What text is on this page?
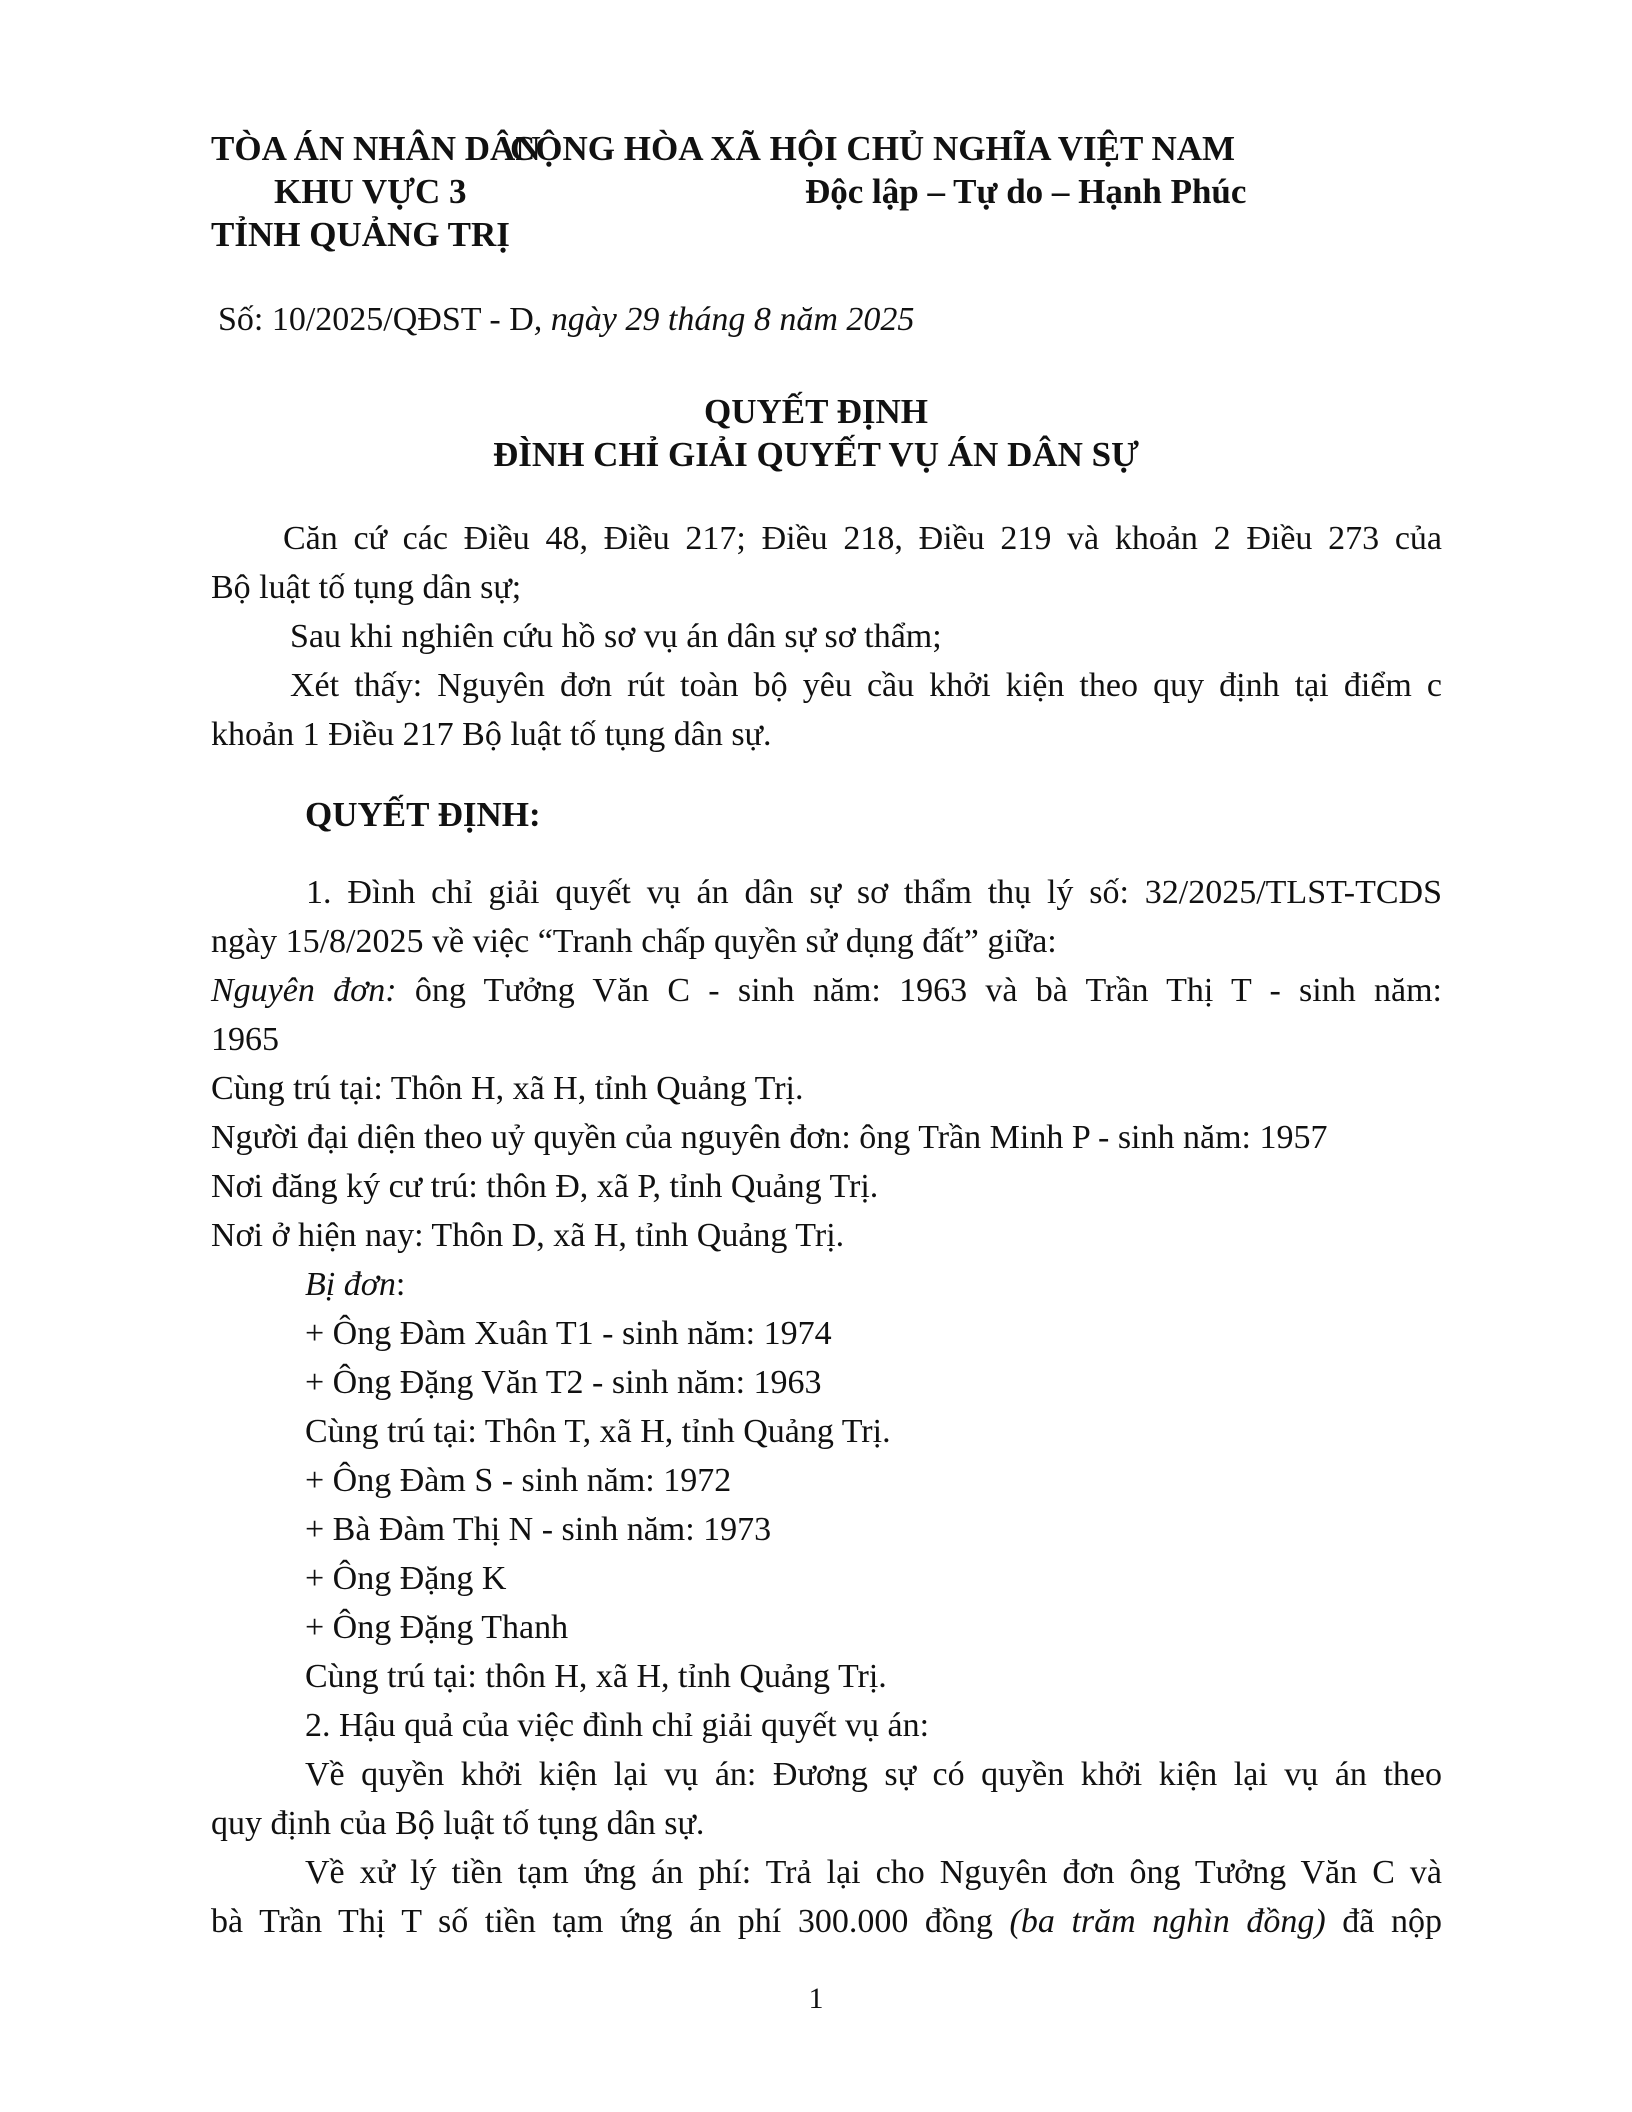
TÒA ÁN NHÂN DÂN
CỘNG HÒA XÃ HỘI CHỦ NGHĨA VIỆT NAM
KHU VỰC 3	Độc lập – Tự do – Hạnh Phúc
TỈNH QUẢNG TRỊ
Số: 10/2025/QĐST - D, ngày 29 tháng 8 năm 2025
QUYẾT ĐỊNH
ĐÌNH CHỈ GIẢI QUYẾT VỤ ÁN DÂN SỰ
Căn cứ các Điều 48, Điều 217; Điều 218, Điều 219 và khoản 2 Điều 273 của
Bộ luật tố tụng dân sự;
Sau khi nghiên cứu hồ sơ vụ án dân sự sơ thẩm;
Xét thấy: Nguyên đơn rút toàn bộ yêu cầu khởi kiện theo quy định tại điểm c
khoản 1 Điều 217 Bộ luật tố tụng dân sự.
QUYẾT ĐỊNH:
1. Đình chỉ giải quyết vụ án dân sự sơ thẩm thụ lý số: 32/2025/TLST-TCDS
ngày 15/8/2025 về việc “Tranh chấp quyền sử dụng đất” giữa:
Nguyên đơn: ông Tưởng Văn C - sinh năm: 1963 và bà Trần Thị T - sinh năm:
1965
Cùng trú tại: Thôn H, xã H, tỉnh Quảng Trị.
Người đại diện theo uỷ quyền của nguyên đơn: ông Trần Minh P - sinh năm: 1957
Nơi đăng ký cư trú: thôn Đ, xã P, tỉnh Quảng Trị.
Nơi ở hiện nay: Thôn D, xã H, tỉnh Quảng Trị.
Bị đơn:
+ Ông Đàm Xuân T1 - sinh năm: 1974
+ Ông Đặng Văn T2 - sinh năm: 1963
Cùng trú tại: Thôn T, xã H, tỉnh Quảng Trị.
+ Ông Đàm S - sinh năm: 1972
+ Bà Đàm Thị N - sinh năm: 1973
+ Ông Đặng K
+ Ông Đặng Thanh
Cùng trú tại: thôn H, xã H, tỉnh Quảng Trị.
2. Hậu quả của việc đình chỉ giải quyết vụ án:
Về quyền khởi kiện lại vụ án: Đương sự có quyền khởi kiện lại vụ án theo
quy định của Bộ luật tố tụng dân sự.
Về xử lý tiền tạm ứng án phí: Trả lại cho Nguyên đơn ông Tưởng Văn C và
bà Trần Thị T số tiền tạm ứng án phí 300.000 đồng (ba trăm nghìn đồng) đã nộp
1
